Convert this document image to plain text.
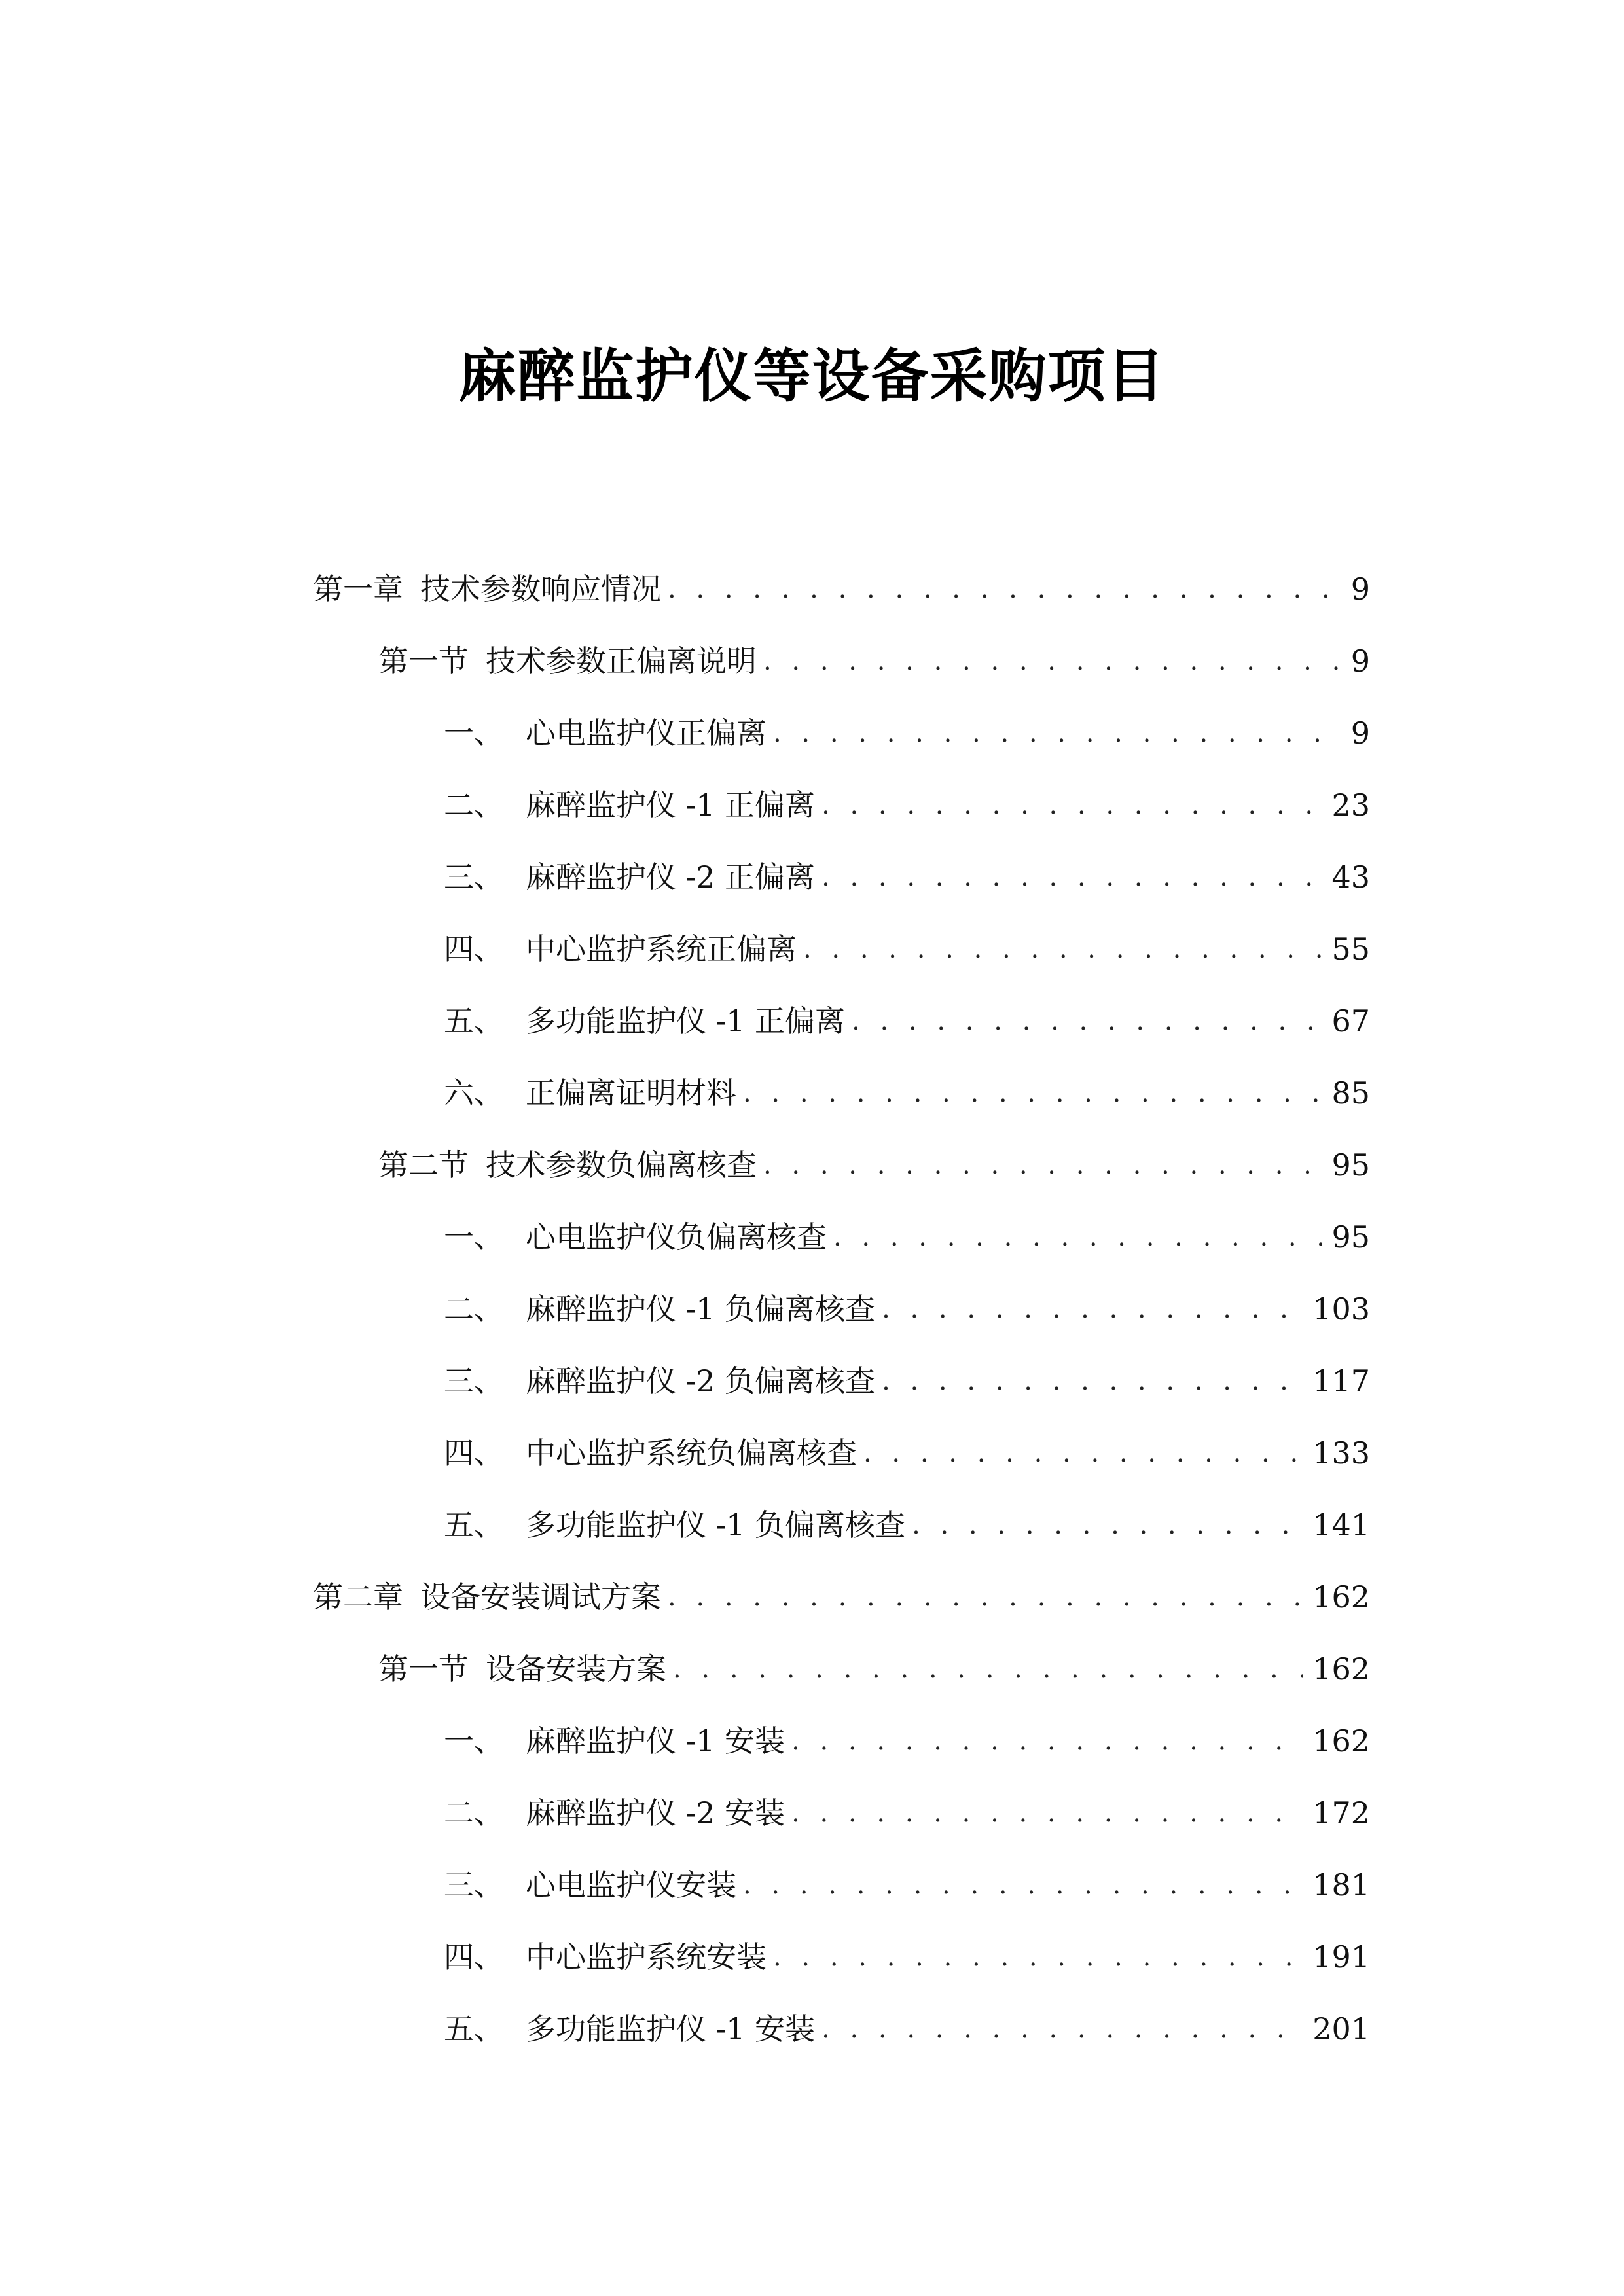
麻醉监护仪等设备采购项目
第一章 技术参数响应情况 . . .	9
第一节 技术参数正偏离说明 . . .	9
一、 心电监护仪正偏离 . . .	9
二、 麻醉监护仪 -1 正偏离 . . .	23
三、 麻醉监护仪 -2 正偏离 . . .	43
四、 中心监护系统正偏离 . . .	55
五、 多功能监护仪 -1 正偏离 . . .	67
六、 正偏离证明材料 . . .	85
第二节 技术参数负偏离核查 . . .	95
一、 心电监护仪负偏离核查 . . .	95
二、 麻醉监护仪 -1 负偏离核查 . . .	103
三、 麻醉监护仪 -2 负偏离核查 . . .	117
四、 中心监护系统负偏离核查 . . .	133
五、 多功能监护仪 -1 负偏离核查 . . .	141
第二章 设备安装调试方案 . . .	162
第一节 设备安装方案 . . .	162
一、 麻醉监护仪 -1 安装 . . .	162
二、 麻醉监护仪 -2 安装 . . .	172
三、 心电监护仪安装 . . .	181
四、 中心监护系统安装 . . .	191
五、 多功能监护仪 -1 安装 . . .	201
